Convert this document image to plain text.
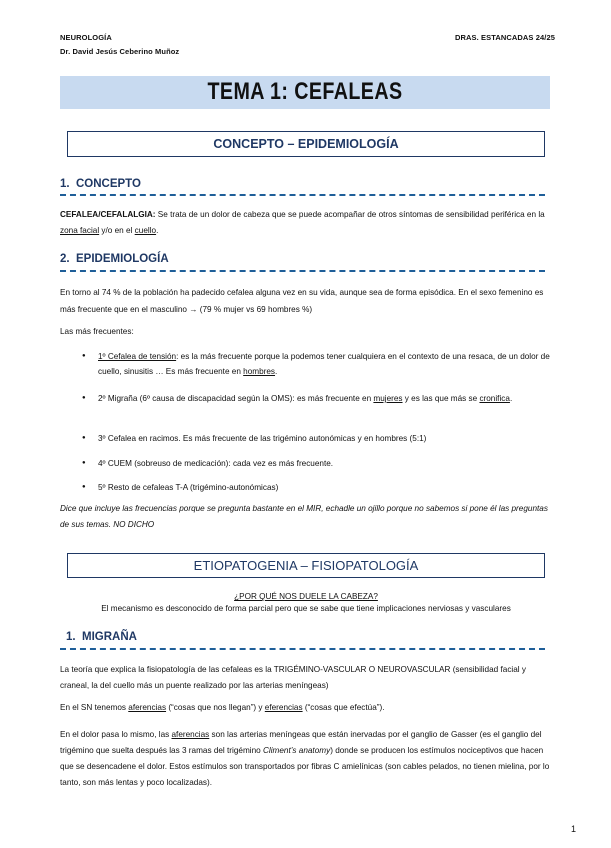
NEUROLOGÍA
Dr. David Jesús Ceberino Muñoz
DRAS. ESTANCADAS 24/25
TEMA 1: CEFALEAS
CONCEPTO – EPIDEMIOLOGÍA
1. CONCEPTO
CEFALEA/CEFALALGIA: Se trata de un dolor de cabeza que se puede acompañar de otros síntomas de sensibilidad periférica en la zona facial y/o en el cuello.
2. EPIDEMIOLOGÍA
En torno al 74 % de la población ha padecido cefalea alguna vez en su vida, aunque sea de forma episódica. En el sexo femenino es más frecuente que en el masculino → (79 % mujer vs 69 hombres %)
Las más frecuentes:
● 1º Cefalea de tensión: es la más frecuente porque la podemos tener cualquiera en el contexto de una resaca, de un dolor de cuello, sinusitis … Es más frecuente en hombres.
● 2º Migraña (6º causa de discapacidad según la OMS): es más frecuente en mujeres y es las que más se cronifica.
● 3º Cefalea en racimos. Es más frecuente de las trigémino autonómicas y en hombres (5:1)
● 4º CUEM (sobreuso de medicación): cada vez es más frecuente.
● 5º Resto de cefaleas T-A (trigémino-autonómicas)
Dice que incluye las frecuencias porque se pregunta bastante en el MIR, echadle un ojillo porque no sabemos si pone él las preguntas de sus temas. NO DICHO
ETIOPATOGENIA – FISIOPATOLOGÍA
¿POR QUÉ NOS DUELE LA CABEZA?
El mecanismo es desconocido de forma parcial pero que se sabe que tiene implicaciones nerviosas y vasculares
1. MIGRAÑA
La teoría que explica la fisiopatología de las cefaleas es la TRIGÉMINO-VASCULAR O NEUROVASCULAR (sensibilidad facial y craneal, la del cuello más un puente realizado por las arterias meníngeas)
En el SN tenemos aferencias (“cosas que nos llegan”) y eferencias (“cosas que efectúa”).
En el dolor pasa lo mismo, las aferencias son las arterias meníngeas que están inervadas por el ganglio de Gasser (es el ganglio del trigémino que suelta después las 3 ramas del trigémino Climent’s anatomy) donde se producen los estímulos nociceptivos que hacen que se desencadene el dolor. Estos estímulos son transportados por fibras C amielínicas (son cables pelados, no tienen mielina, por lo tanto, son más lentas y poco localizadas).
1
